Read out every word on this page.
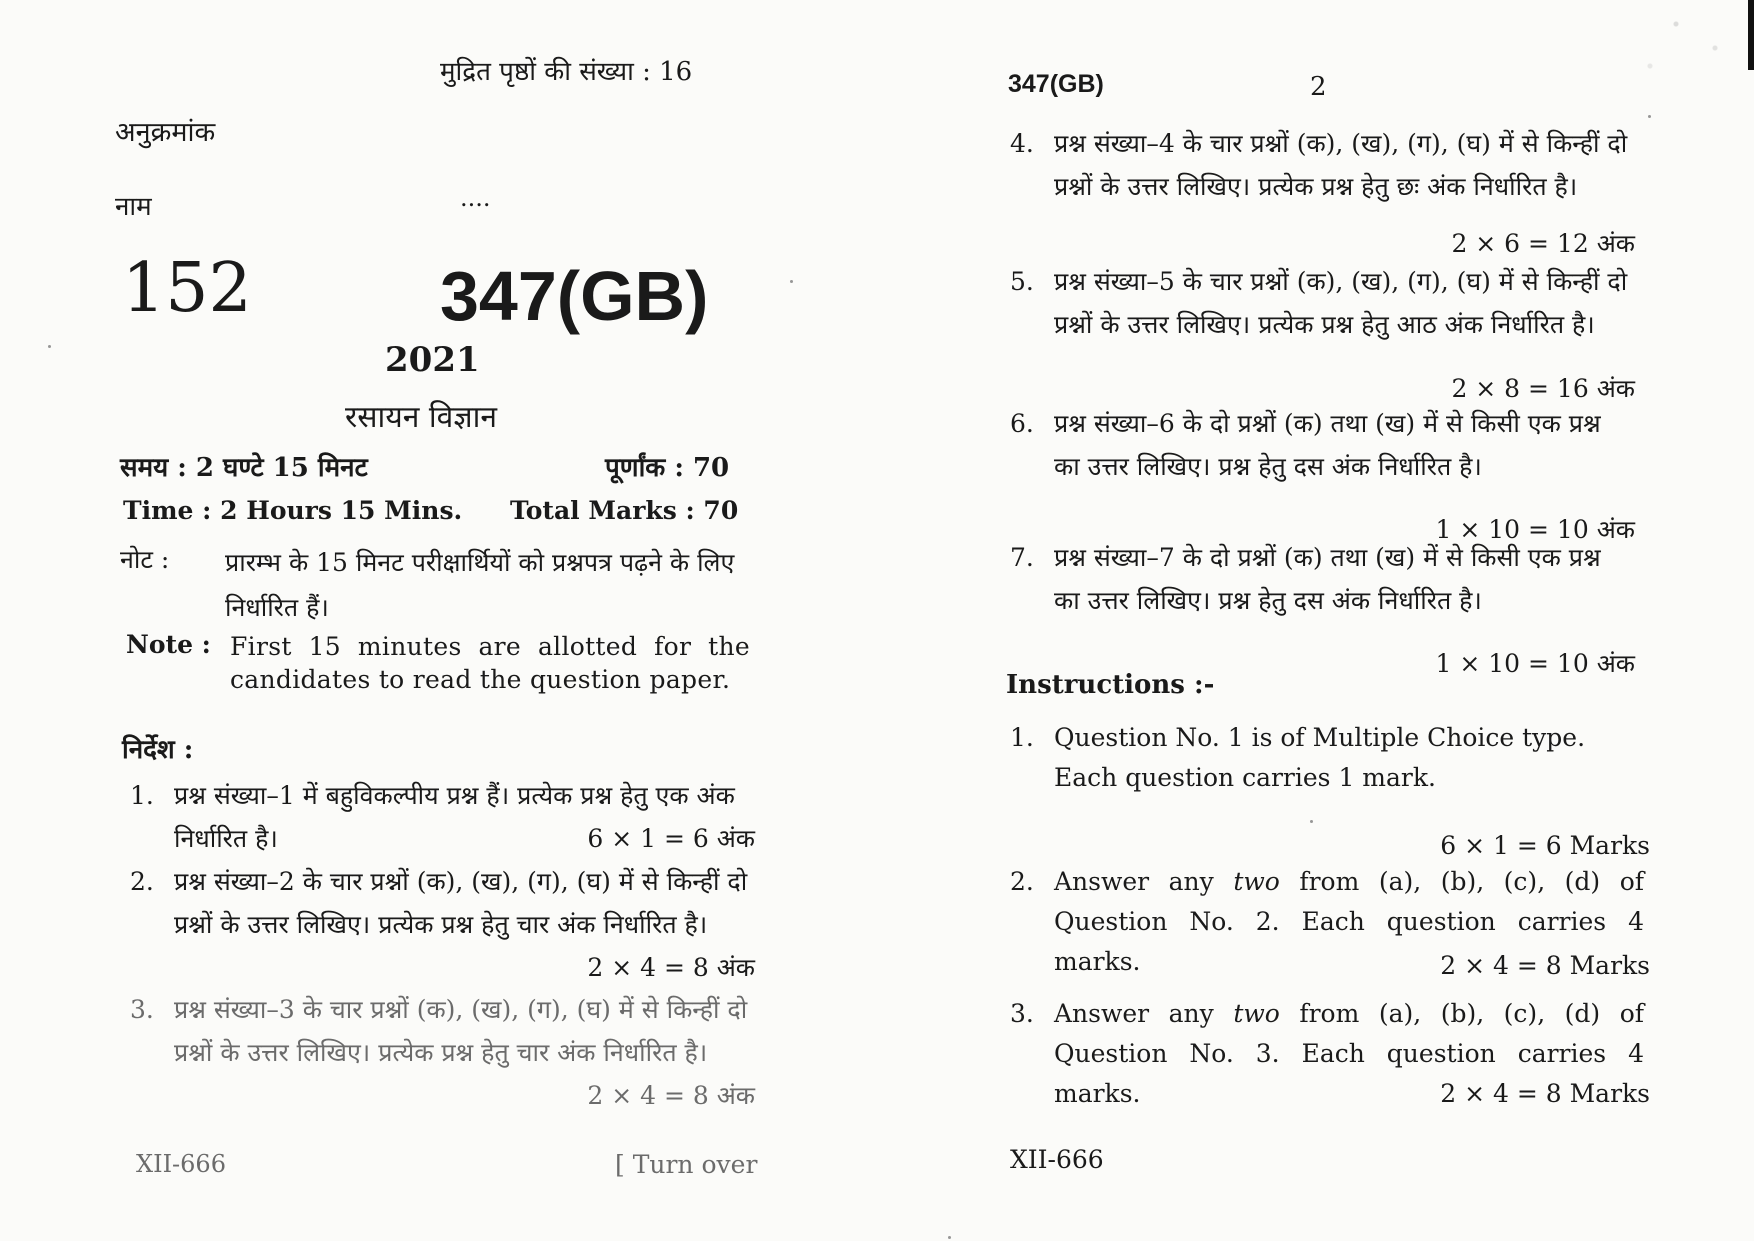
मुद्रित पृष्ठों की संख्या : 16
अनुक्रमांक
नाम	....
152	347(GB)
2021
रसायन विज्ञान
समय : 2 घण्टे 15 मिनट	पूर्णांक : 70
Time : 2 Hours 15 Mins. Total Marks : 70
नोट : प्रारम्भ के 15 मिनट परीक्षार्थियों को प्रश्नपत्र पढ़ने के लिए निर्धारित हैं।
Note : First 15 minutes are allotted for the candidates to read the question paper.
निर्देश :
1. प्रश्न संख्या–1 में बहुविकल्पीय प्रश्न हैं। प्रत्येक प्रश्न हेतु एक अंक निर्धारित है।	6 × 1 = 6 अंक
2. प्रश्न संख्या–2 के चार प्रश्नों (क), (ख), (ग), (घ) में से किन्हीं दो प्रश्नों के उत्तर लिखिए। प्रत्येक प्रश्न हेतु चार अंक निर्धारित है।
2 × 4 = 8 अंक
3. प्रश्न संख्या–3 के चार प्रश्नों (क), (ख), (ग), (घ) में से किन्हीं दो प्रश्नों के उत्तर लिखिए। प्रत्येक प्रश्न हेतु चार अंक निर्धारित है।
2 × 4 = 8 अंक
XII-666	[ Turn over
347(GB)	2
4. प्रश्न संख्या–4 के चार प्रश्नों (क), (ख), (ग), (घ) में से किन्हीं दो प्रश्नों के उत्तर लिखिए। प्रत्येक प्रश्न हेतु छः अंक निर्धारित है।
2 × 6 = 12 अंक
5. प्रश्न संख्या–5 के चार प्रश्नों (क), (ख), (ग), (घ) में से किन्हीं दो प्रश्नों के उत्तर लिखिए। प्रत्येक प्रश्न हेतु आठ अंक निर्धारित है।
2 × 8 = 16 अंक
6. प्रश्न संख्या–6 के दो प्रश्नों (क) तथा (ख) में से किसी एक प्रश्न का उत्तर लिखिए। प्रश्न हेतु दस अंक निर्धारित है।
1 × 10 = 10 अंक
7. प्रश्न संख्या–7 के दो प्रश्नों (क) तथा (ख) में से किसी एक प्रश्न का उत्तर लिखिए। प्रश्न हेतु दस अंक निर्धारित है।
1 × 10 = 10 अंक
Instructions :-
1. Question No. 1 is of Multiple Choice type. Each question carries 1 mark.
6 × 1 = 6 Marks
2. Answer any two from (a), (b), (c), (d) of Question No. 2. Each question carries 4 marks.	2 × 4 = 8 Marks
3. Answer any two from (a), (b), (c), (d) of Question No. 3. Each question carries 4 marks.	2 × 4 = 8 Marks
XII-666
